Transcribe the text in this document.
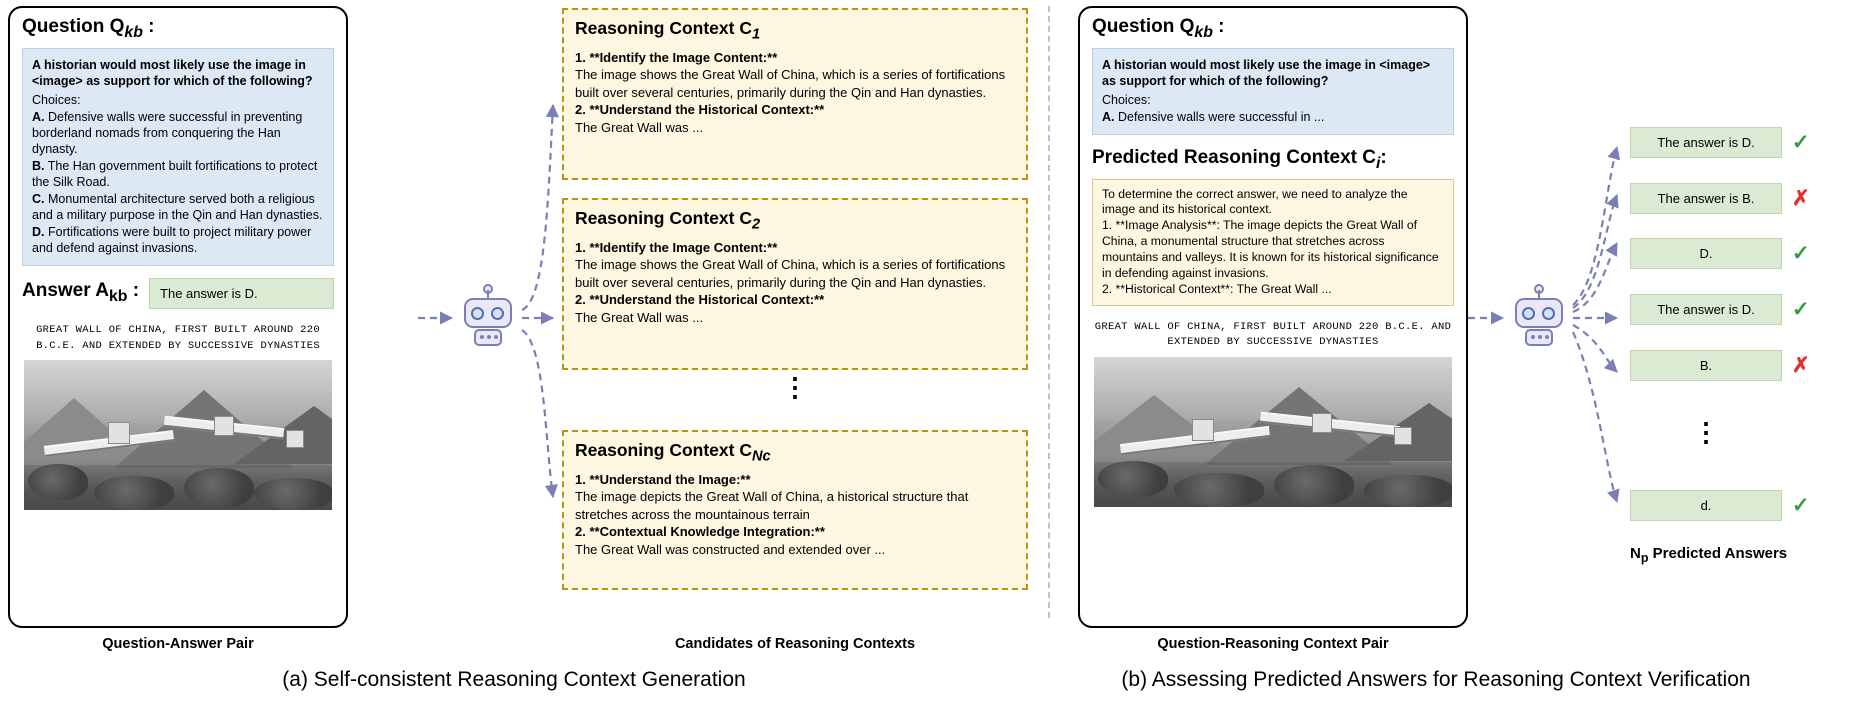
Question $Q_{kb}$ :
A historian would most likely use the image in <image> as support for which of the following?
Choices:
A. Defensive walls were successful in preventing borderland nomads from conquering the Han dynasty.
B. The Han government built fortifications to protect the Silk Road.
C. Monumental architecture served both a religious and a military purpose in the Qin and Han dynasties.
D. Fortifications were built to project military power and defend against invasions.
Answer $A_{kb}$ :	The answer is D.
GREAT WALL OF CHINA, FIRST BUILT AROUND 220 B.C.E. AND EXTENDED BY SUCCESSIVE DYNASTIES
Question-Answer Pair
Reasoning Context $C_1$
1. **Identify the Image Content:**
The image shows the Great Wall of China, which is a series of fortifications built over several centuries, primarily during the Qin and Han dynasties.
2. **Understand the Historical Context:**
The Great Wall was ...
Reasoning Context $C_2$
1. **Identify the Image Content:**
The image shows the Great Wall of China, which is a series of fortifications built over several centuries, primarily during the Qin and Han dynasties.
2. **Understand the Historical Context:**
The Great Wall was ...
⋮
Reasoning Context $C_{Nc}$
1. **Understand the Image:**
The image depicts the Great Wall of China, a historical structure that stretches across the mountainous terrain
2. **Contextual Knowledge Integration:**
The Great Wall was constructed and extended over ...
Candidates of Reasoning Contexts
Question $Q_{kb}$ :
A historian would most likely use the image in <image> as support for which of the following?
Choices:
A. Defensive walls were successful in ...
Predicted Reasoning Context $C_i$:
To determine the correct answer, we need to analyze the image and its historical context.
1. **Image Analysis**: The image depicts the Great Wall of China, a monumental structure that stretches across mountains and valleys. It is known for its historical significance in defending against invasions.
2. **Historical Context**: The Great Wall ...
GREAT WALL OF CHINA, FIRST BUILT AROUND 220 B.C.E. AND EXTENDED BY SUCCESSIVE DYNASTIES
Question-Reasoning Context Pair
The answer is D.	✓
The answer is B.	✗
D.	✓
The answer is D.	✓
B.	✗
⋮
d.	✓
$N_p$ Predicted Answers
(a) Self-consistent Reasoning Context Generation	(b) Assessing Predicted Answers for Reasoning Context Verification
